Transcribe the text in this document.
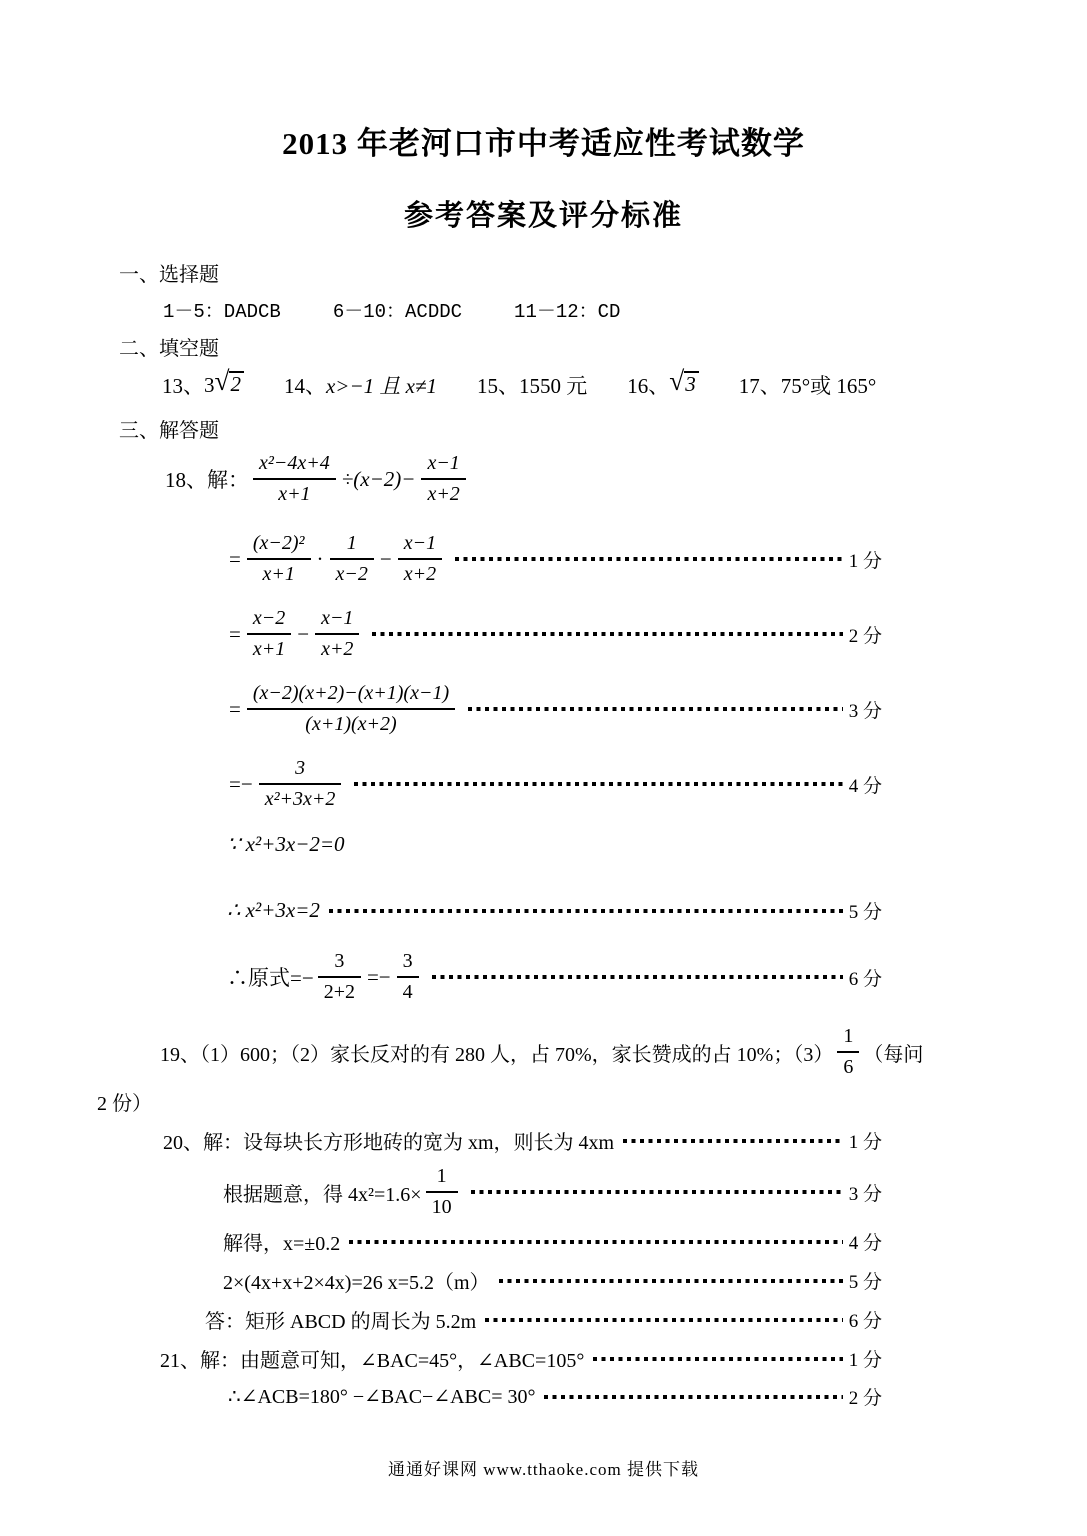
2013 年老河口市中考适应性考试数学
参考答案及评分标准
一、选择题
1－5：DADCB	6－10：ACDDC	11－12：CD
二、填空题
13、 3 √ 2 14、 x>−1 且 x≠1 15、 1550 元 16、 √ 3 17、 75°或 165°
三、解答题
18、解： $\frac{\text{x²−4x+4}}{x+1} \div(x-2)- \frac{x-1}{x+2}$
= $\frac{\text{(x−2)²}}{x+1} \cdot \frac{1}{x-2} - \frac{x-1}{x+2}$	1 分
= $\frac{x-2}{x+1} - \frac{x-1}{x+2}$	2 分
= $\frac{(x-2)(x+2)-(x+1)(x-1)}{(x+1)(x+2)}$	3 分
=− $\frac{3}{\text{x²+3x+2}}$	4 分
∵ x²+3x−2=0
∴ x²+3x=2	5 分
∴原式=− $\frac{3}{2+2} =- \frac{3}{4}$	6 分
19、（1）600；（2）家长反对的有 280 人，占 70%，家长赞成的占 10%；$(3) \frac{1}{6}$ （每问
2 份）
20、解： 设每块长方形地砖的宽为 xm，则长为 4xm	1 分
根据题意，得 $4x^2=1.6\times \frac{1}{10}$	3 分
解得，x=±0.2	4 分
2×(4x+x+2×4x)=26 x=5.2（m）	5 分
答：矩形 ABCD 的周长为 5.2m	6 分
21、解： 由题意可知，∠BAC=45°，∠ABC=105°	1 分
∴∠ACB=180° −∠BAC−∠ABC= 30°	2 分
通通好课网 www.tthaoke.com 提供下载
